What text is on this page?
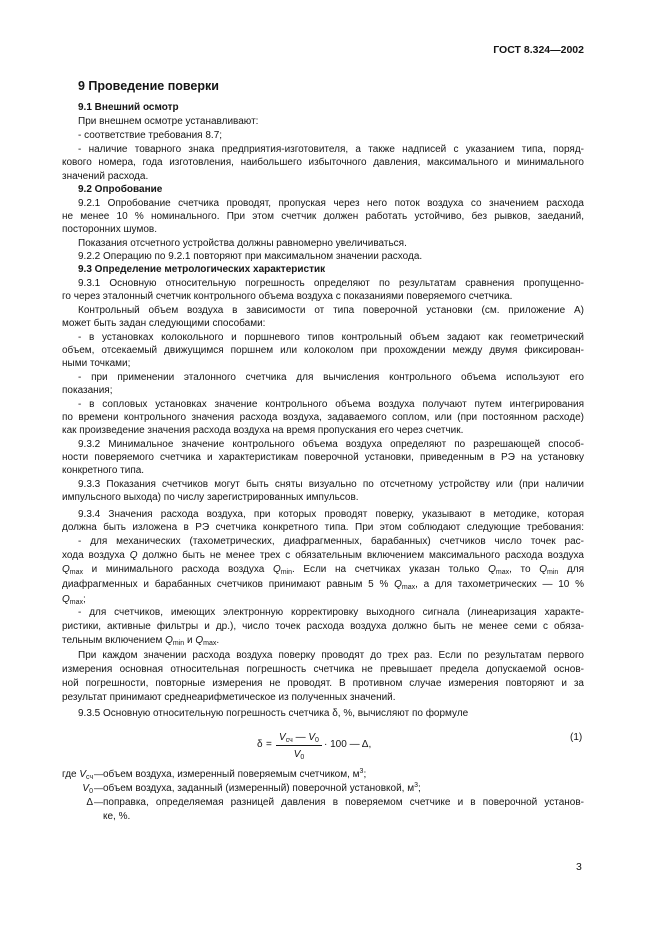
ГОСТ 8.324—2002
9 Проведение поверки
9.1 Внешний осмотр
При внешнем осмотре устанавливают:
- соответствие требования 8.7;
- наличие товарного знака предприятия-изготовителя, а также надписей с указанием типа, поряд-
кового номера, года изготовления, наибольшего избыточного давления, максимального и минимального
значений расхода.
9.2 Опробование
9.2.1 Опробование счетчика проводят, пропуская через него поток воздуха со значением расхода
не менее 10 % номинального. При этом счетчик должен работать устойчиво, без рывков, заеданий,
посторонних шумов.
Показания отсчетного устройства должны равномерно увеличиваться.
9.2.2 Операцию по 9.2.1 повторяют при максимальном значении расхода.
9.3 Определение метрологических характеристик
9.3.1 Основную относительную погрешность определяют по результатам сравнения пропущенно-
го через эталонный счетчик контрольного объема воздуха с показаниями поверяемого счетчика.
Контрольный объем воздуха в зависимости от типа поверочной установки (см. приложение А)
может быть задан следующими способами:
- в установках колокольного и поршневого типов контрольный объем задают как геометрический
объем, отсекаемый движущимся поршнем или колоколом при прохождении между двумя фиксирован-
ными точками;
- при применении эталонного счетчика для вычисления контрольного объема используют его
показания;
- в сопловых установках значение контрольного объема воздуха получают путем интегрирования
по времени контрольного значения расхода воздуха, задаваемого соплом, или (при постоянном расходе)
как произведение значения расхода воздуха на время пропускания его через счетчик.
9.3.2 Минимальное значение контрольного объема воздуха определяют по разрешающей способ-
ности поверяемого счетчика и характеристикам поверочной установки, приведенным в РЭ на установку
конкретного типа.
9.3.3 Показания счетчиков могут быть сняты визуально по отсчетному устройству или (при наличии
импульсного выхода) по числу зарегистрированных импульсов.
9.3.4 Значения расхода воздуха, при которых проводят поверку, указывают в методике, которая
должна быть изложена в РЭ счетчика конкретного типа. При этом соблюдают следующие требования:
- для механических (тахометрических, диафрагменных, барабанных) счетчиков число точек рас-
хода воздуха Q должно быть не менее трех с обязательным включением максимального расхода воздуха
$Q_{max}$ и минимального расхода воздуха $Q_{min}$. Если на счетчиках указан только $Q_{max}$, то $Q_{min}$ для
диафрагменных и барабанных счетчиков принимают равным 5 % $Q_{max}$, а для тахометрических — 10 %
$Q_{max}$;
- для счетчиков, имеющих электронную корректировку выходного сигнала (линеаризация характе-
ристики, активные фильтры и др.), число точек расхода воздуха должно быть не менее семи с обяза-
тельным включением $Q_{min}$ и $Q_{max}$.
При каждом значении расхода воздуха поверку проводят до трех раз. Если по результатам первого
измерения основная относительная погрешность счетчика не превышает предела допускаемой основ-
ной погрешности, повторные измерения не проводят. В противном случае измерения повторяют и за
результат принимают среднеарифметическое из полученных значений.
9.3.5 Основную относительную погрешность счетчика δ, %, вычисляют по формуле
δ =
$V_{сч}$ — $V_0$
$V_0$
· 100 — Δ,
(1)
где $V_{сч}$ — объем воздуха, измеренный поверяемым счетчиком, $м^3$;
$V_0$ — объем воздуха, заданный (измеренный) поверочной установкой, $м^3$;
Δ — поправка, определяемая разницей давления в поверяемом счетчике и в поверочной установ-
ке, %.
3
